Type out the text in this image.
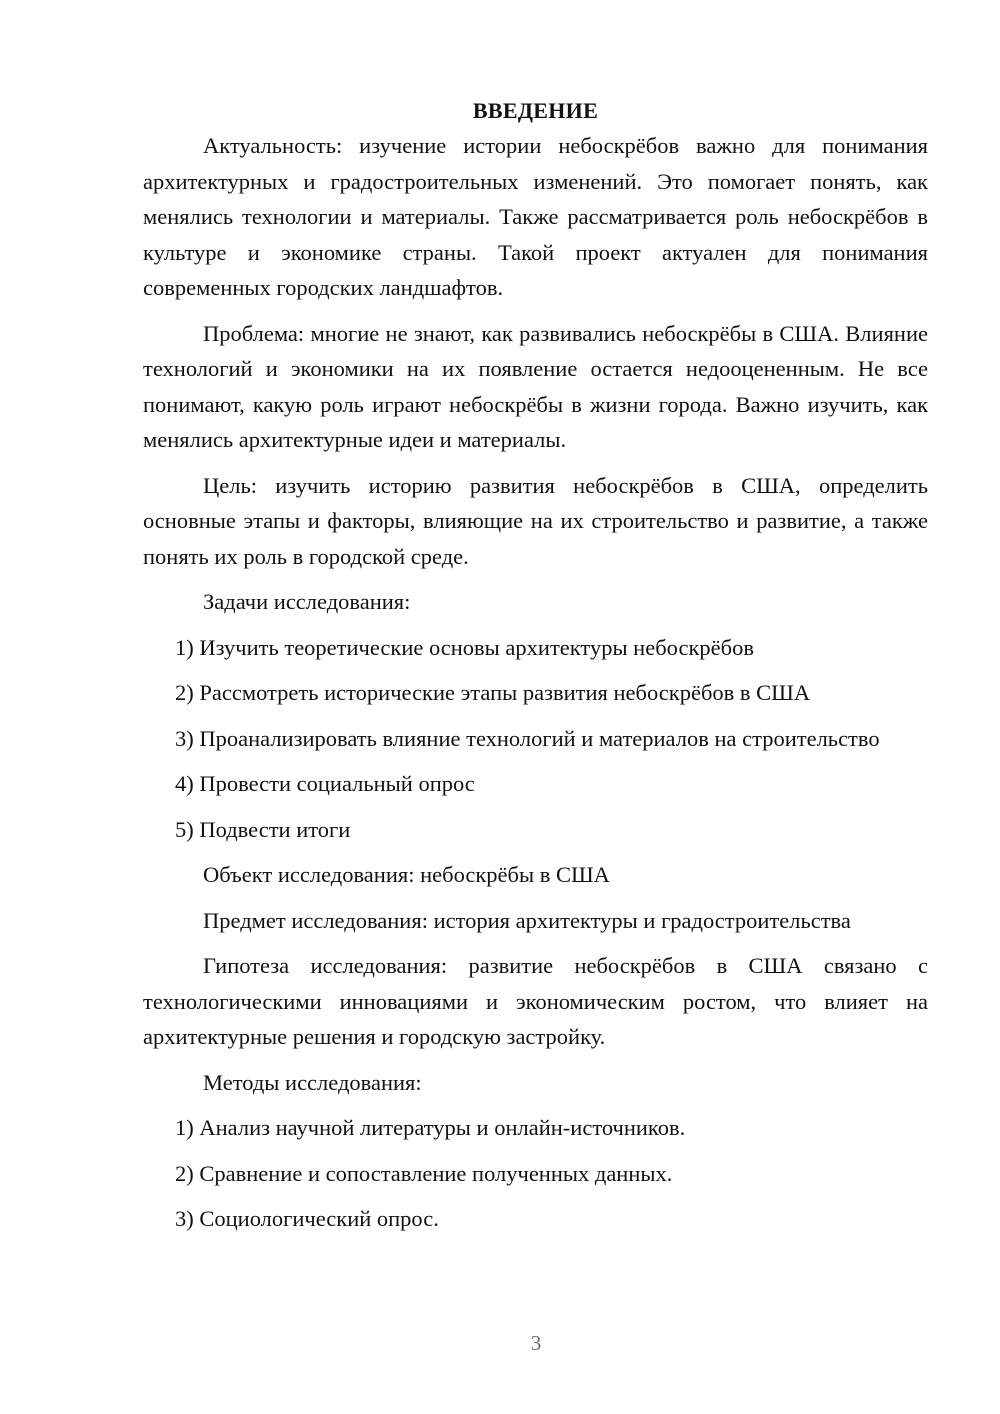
ВВЕДЕНИЕ

Актуальность: изучение истории небоскрёбов важно для понимания архитектурных и градостроительных изменений. Это помогает понять, как менялись технологии и материалы. Также рассматривается роль небоскрёбов в культуре и экономике страны. Такой проект актуален для понимания современных городских ландшафтов.

Проблема: многие не знают, как развивались небоскрёбы в США. Влияние технологий и экономики на их появление остается недооцененным. Не все понимают, какую роль играют небоскрёбы в жизни города. Важно изучить, как менялись архитектурные идеи и материалы.

Цель: изучить историю развития небоскрёбов в США, определить основные этапы и факторы, влияющие на их строительство и развитие, а также понять их роль в городской среде.

Задачи исследования:
1) Изучить теоретические основы архитектуры небоскрёбов
2) Рассмотреть исторические этапы развития небоскрёбов в США

3) Проанализировать влияние технологий и материалов на строительство

4) Провести социальный опрос
5) Подвести итоги
Объект исследования: небоскрёбы в США
Предмет исследования: история архитектуры и градостроительства

Гипотеза исследования: развитие небоскрёбов в США связано с технологическими инновациями и экономическим ростом, что влияет на архитектурные решения и городскую застройку.

Методы исследования:
1) Анализ научной литературы и онлайн-источников.
2) Сравнение и сопоставление полученных данных.
3) Социологический опрос.
3
